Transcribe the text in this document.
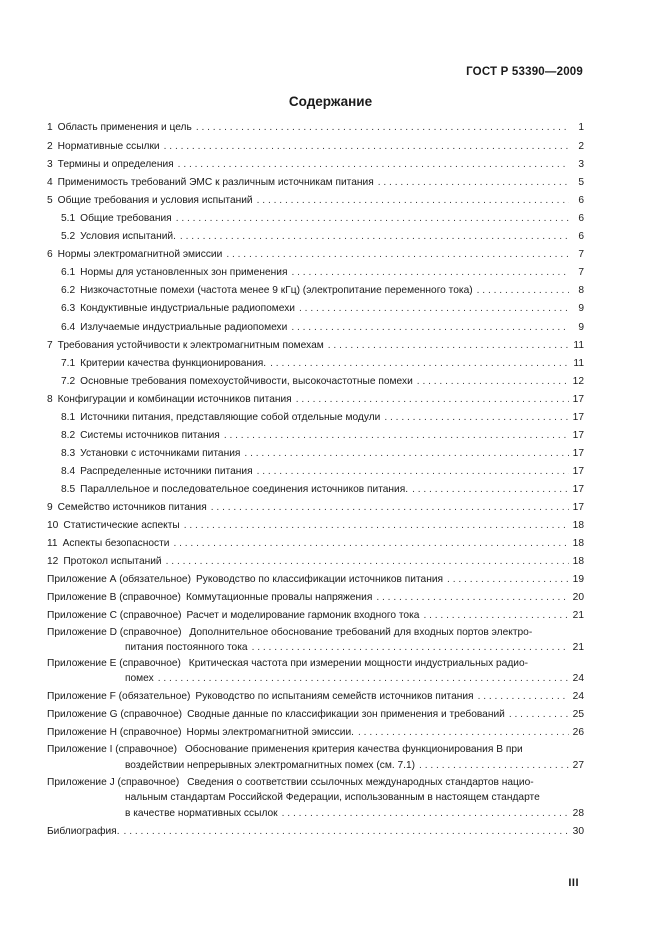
ГОСТ Р 53390—2009
Содержание
1 Область применения и цель . . .	1
2 Нормативные ссылки . . .	2
3 Термины и определения . . .	3
4 Применимость требований ЭМС к различным источникам питания . . .	5
5 Общие требования и условия испытаний . . .	6
5.1 Общие требования . . .	6
5.2 Условия испытаний. . . .	6
6 Нормы электромагнитной эмиссии . . .	7
6.1 Нормы для установленных зон применения . . .	7
6.2 Низкочастотные помехи (частота менее 9 кГц) (электропитание переменного тока) . . .	8
6.3 Кондуктивные индустриальные радиопомехи . . .	9
6.4 Излучаемые индустриальные радиопомехи . . .	9
7 Требования устойчивости к электромагнитным помехам . . .	11
7.1 Критерии качества функционирования. . . .	11
7.2 Основные требования помехоустойчивости, высокочастотные помехи . . .	12
8 Конфигурации и комбинации источников питания . . .	17
8.1 Источники питания, представляющие собой отдельные модули . . .	17
8.2 Системы источников питания . . .	17
8.3 Установки с источниками питания . . .	17
8.4 Распределенные источники питания . . .	17
8.5 Параллельное и последовательное соединения источников питания. . . .	17
9 Семейство источников питания . . .	17
10 Статистические аспекты . . .	18
11 Аспекты безопасности . . .	18
12 Протокол испытаний . . .	18
Приложение А (обязательное) Руководство по классификации источников питания . . .	19
Приложение В (справочное) Коммутационные провалы напряжения . . .	20
Приложение С (справочное) Расчет и моделирование гармоник входного тока . . .	21
Приложение D (справочное) Дополнительное обоснование требований для входных портов электро-
питания постоянного тока . . .	21
Приложение Е (справочное) Критическая частота при измерении мощности индустриальных радио-
помех . . .	24
Приложение F (обязательное) Руководство по испытаниям семейств источников питания . . .	24
Приложение G (справочное) Сводные данные по классификации зон применения и требований . . .	25
Приложение H (справочное) Нормы электромагнитной эмиссии. . . .	26
Приложение I (справочное) Обоснование применения критерия качества функционирования В при
воздействии непрерывных электромагнитных помех (см. 7.1) . . .	27
Приложение J (справочное) Сведения о соответствии ссылочных международных стандартов нацио-
нальным стандартам Российской Федерации, использованным в настоящем стандарте
в качестве нормативных ссылок . . .	28
Библиография. . . .	30
III
